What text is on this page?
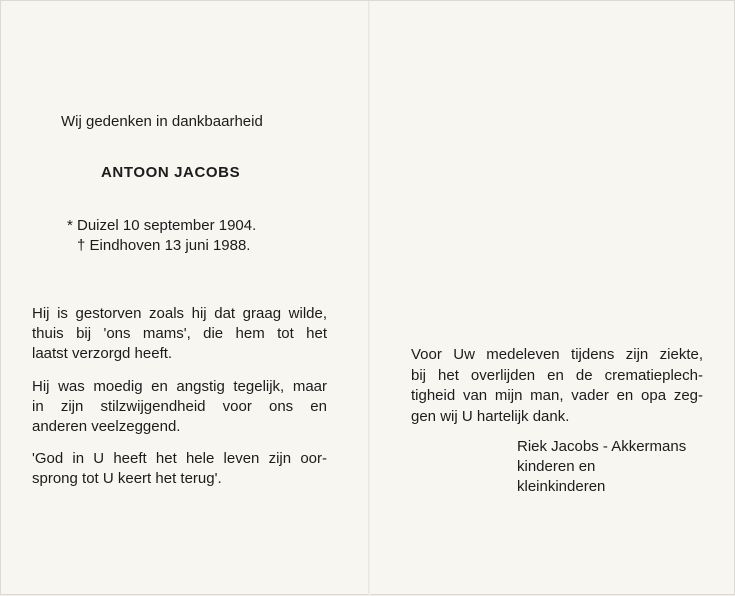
Wij gedenken in dankbaarheid
ANTOON JACOBS
* Duizel 10 september 1904.
† Eindhoven 13 juni 1988.
Hij is gestorven zoals hij dat graag wilde,
thuis bij 'ons mams', die hem tot het
laatst verzorgd heeft.
Hij was moedig en angstig tegelijk, maar
in zijn stilzwijgendheid voor ons en
anderen veelzeggend.
'God in U heeft het hele leven zijn oor-
sprong tot U keert het terug'.
Voor Uw medeleven tijdens zijn ziekte,
bij het overlijden en de crematieplech-
tigheid van mijn man, vader en opa zeg-
gen wij U hartelijk dank.
Riek Jacobs - Akkermans
kinderen en
kleinkinderen
